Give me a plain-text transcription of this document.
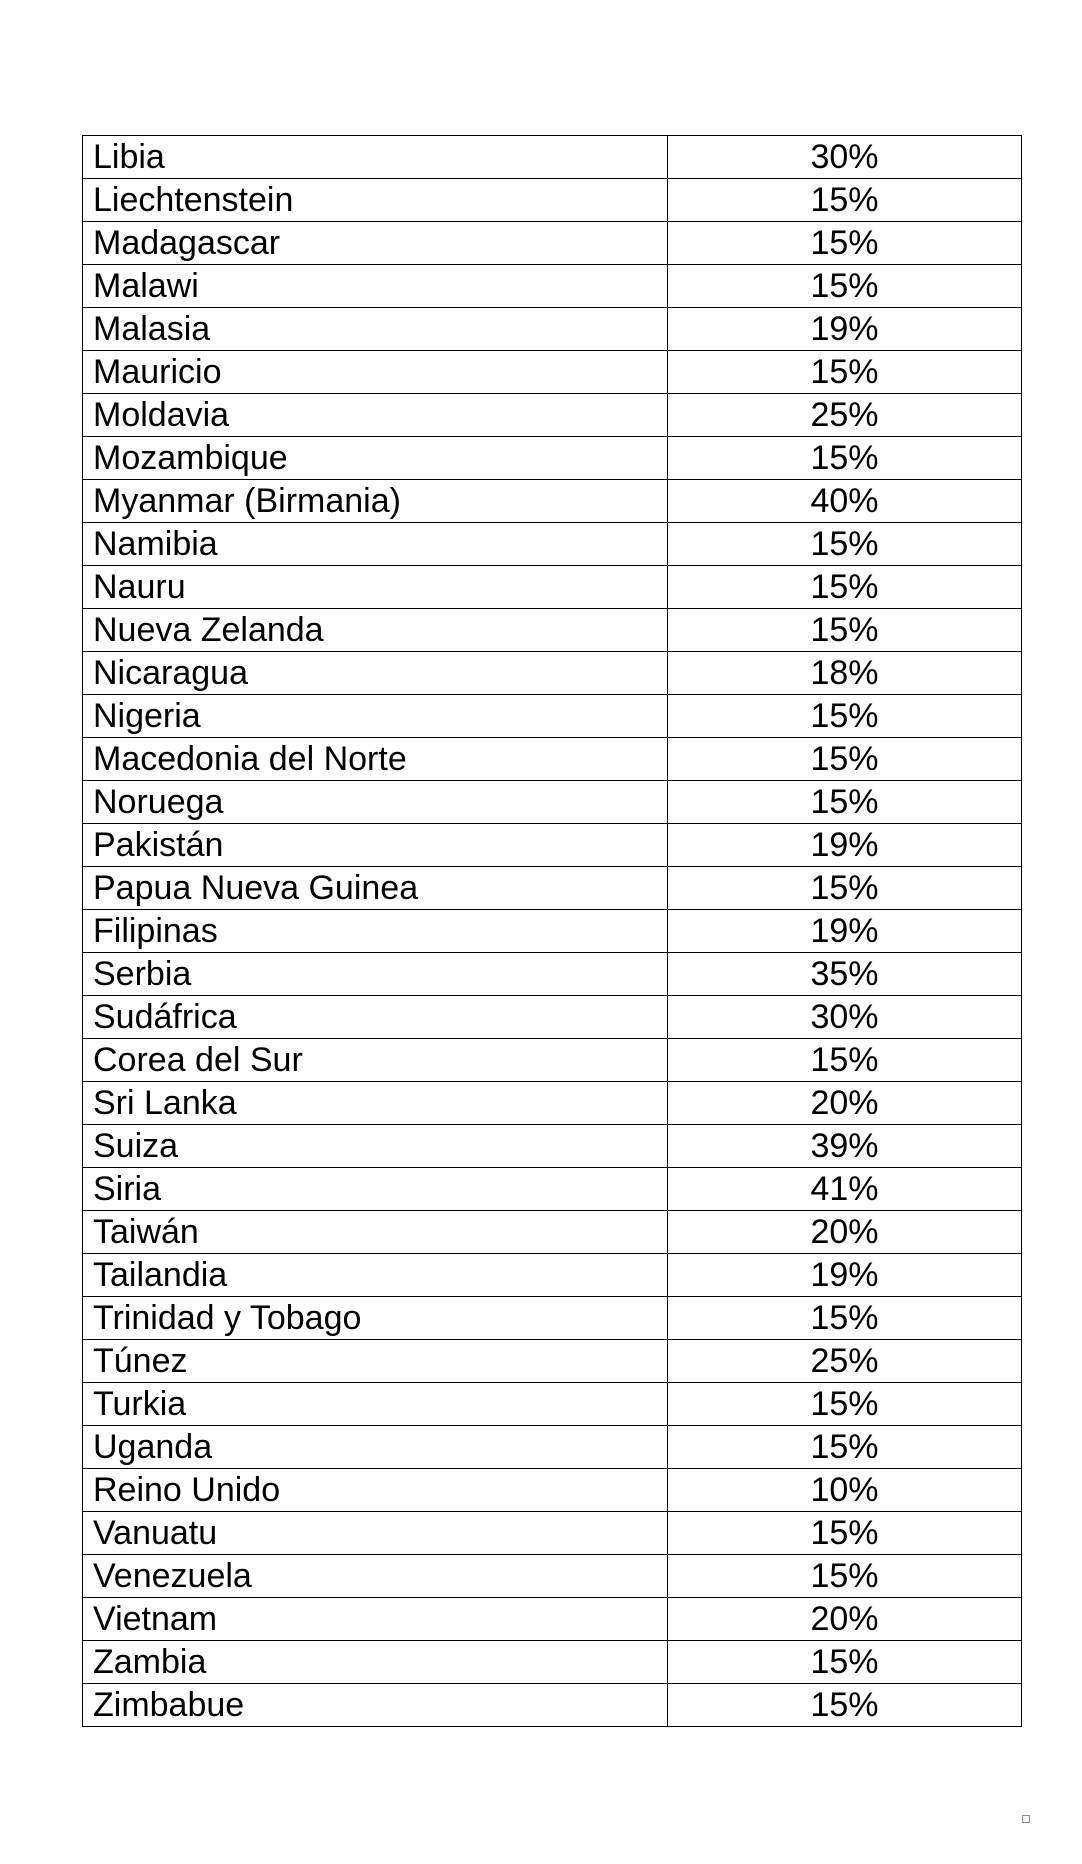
Libia	30%
Liechtenstein	15%
Madagascar	15%
Malawi	15%
Malasia	19%
Mauricio	15%
Moldavia	25%
Mozambique	15%
Myanmar (Birmania)	40%
Namibia	15%
Nauru	15%
Nueva Zelanda	15%
Nicaragua	18%
Nigeria	15%
Macedonia del Norte	15%
Noruega	15%
Pakistán	19%
Papua Nueva Guinea	15%
Filipinas	19%
Serbia	35%
Sudáfrica	30%
Corea del Sur	15%
Sri Lanka	20%
Suiza	39%
Siria	41%
Taiwán	20%
Tailandia	19%
Trinidad y Tobago	15%
Túnez	25%
Turkia	15%
Uganda	15%
Reino Unido	10%
Vanuatu	15%
Venezuela	15%
Vietnam	20%
Zambia	15%
Zimbabue	15%
